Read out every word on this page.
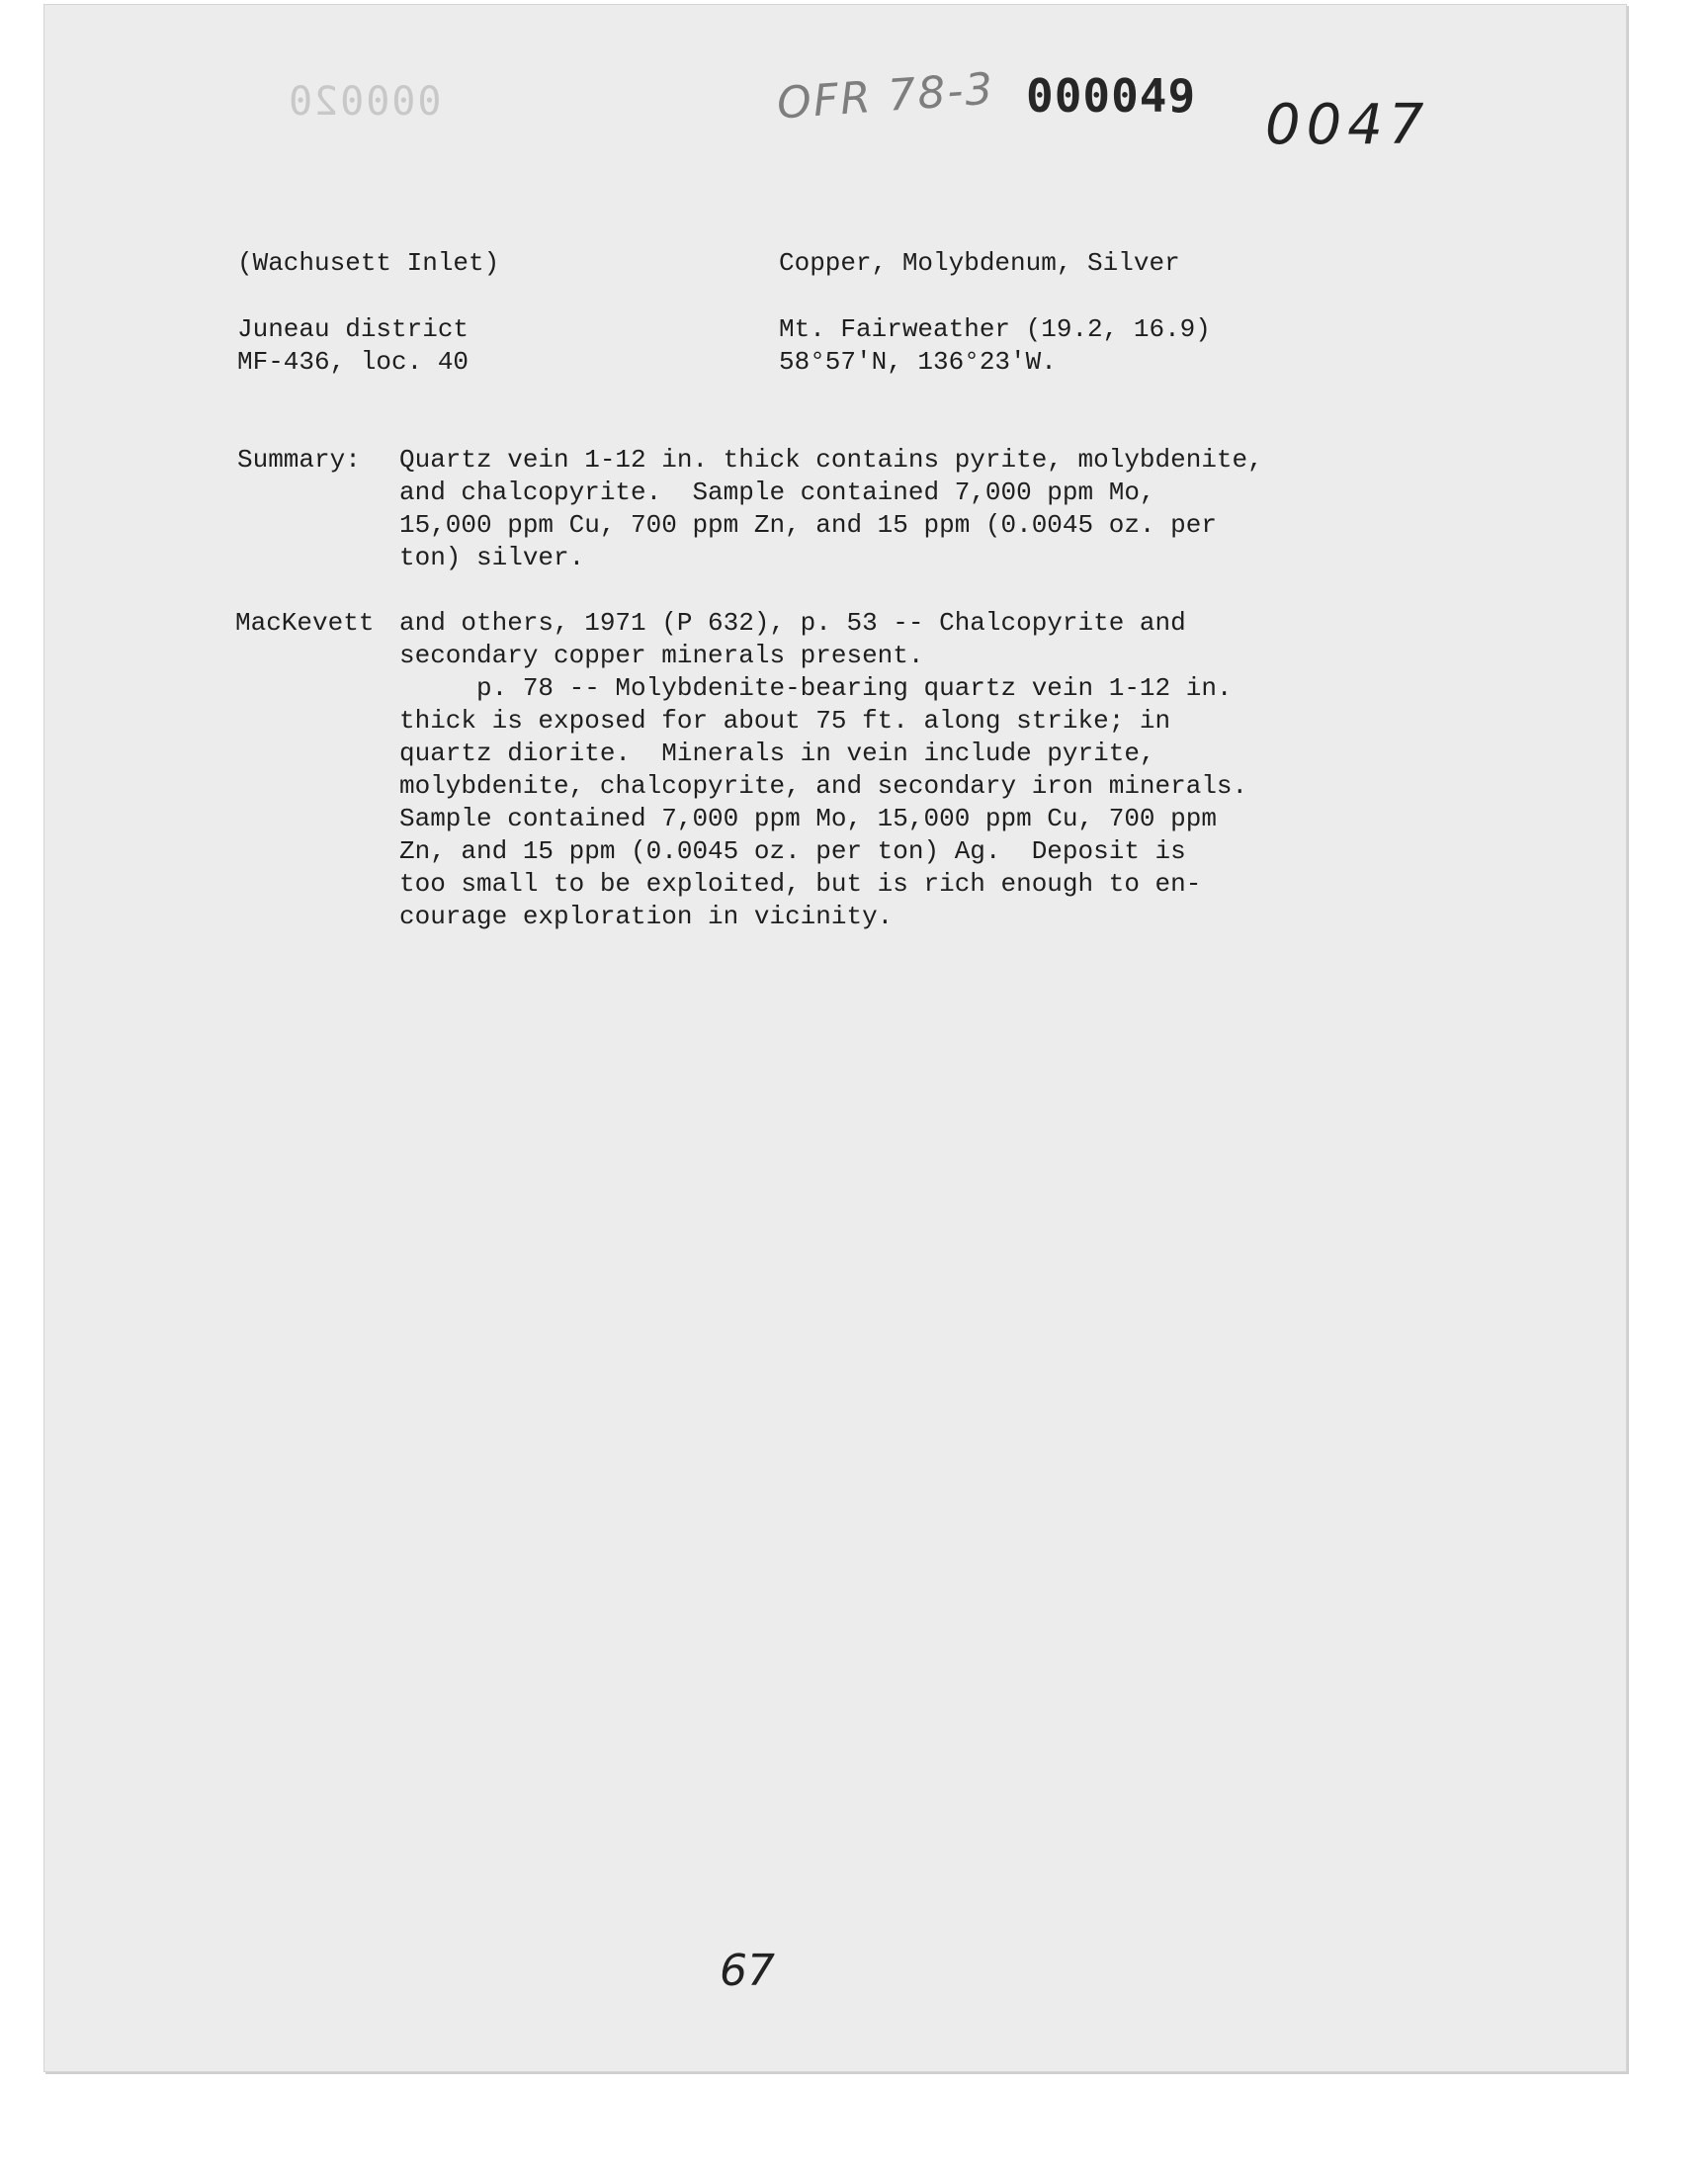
000020	OFR 78-3 000049 0047
(Wachusett Inlet)	Copper, Molybdenum, Silver
Juneau district
MF-436, loc. 40
Mt. Fairweather (19.2, 16.9)
58°57'N, 136°23'W.
Summary: Quartz vein 1-12 in. thick contains pyrite, molybdenite,
and chalcopyrite.  Sample contained 7,000 ppm Mo,
15,000 ppm Cu, 700 ppm Zn, and 15 ppm (0.0045 oz. per
ton) silver.
MacKevett and others, 1971 (P 632), p. 53 -- Chalcopyrite and
secondary copper minerals present.
p. 78 -- Molybdenite-bearing quartz vein 1-12 in.
thick is exposed for about 75 ft. along strike; in
quartz diorite.  Minerals in vein include pyrite,
molybdenite, chalcopyrite, and secondary iron minerals.
Sample contained 7,000 ppm Mo, 15,000 ppm Cu, 700 ppm
Zn, and 15 ppm (0.0045 oz. per ton) Ag.  Deposit is
too small to be exploited, but is rich enough to en-
courage exploration in vicinity.
67
